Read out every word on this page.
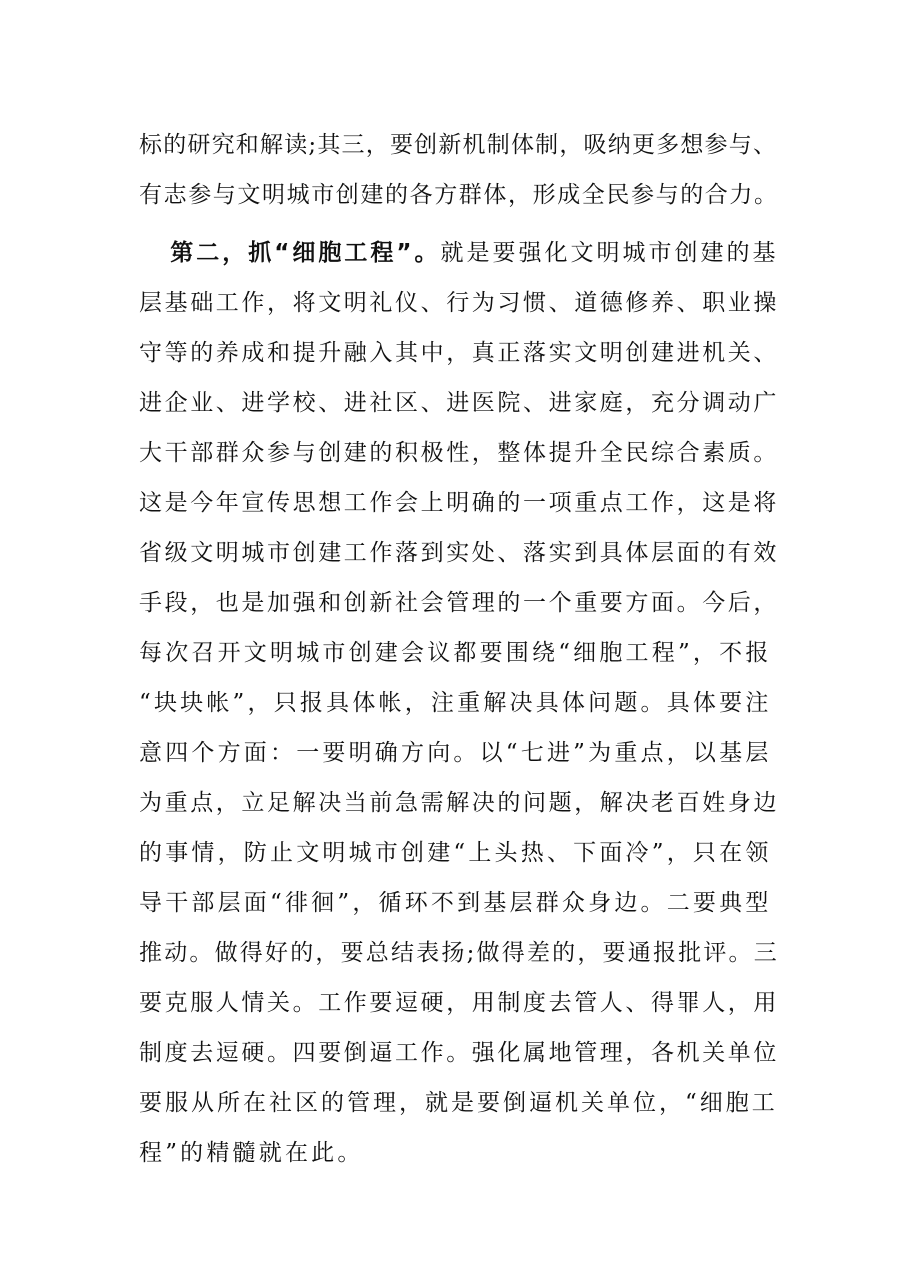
标的研究和解读;其三，要创新机制体制，吸纳更多想参与、
有志参与文明城市创建的各方群体，形成全民参与的合力。
　 第二，抓“细胞工程”。就是要强化文明城市创建的基
层基础工作，将文明礼仪、行为习惯、道德修养、职业操
守等的养成和提升融入其中，真正落实文明创建进机关、
进企业、进学校、进社区、进医院、进家庭，充分调动广
大干部群众参与创建的积极性，整体提升全民综合素质。
这是今年宣传思想工作会上明确的一项重点工作，这是将
省级文明城市创建工作落到实处、落实到具体层面的有效
手段，也是加强和创新社会管理的一个重要方面。今后，
每次召开文明城市创建会议都要围绕“细胞工程”，不报
“块块帐”，只报具体帐，注重解决具体问题。具体要注
意四个方面：一要明确方向。以“七进”为重点，以基层
为重点，立足解决当前急需解决的问题，解决老百姓身边
的事情，防止文明城市创建“上头热、下面冷”，只在领
导干部层面“徘徊”，循环不到基层群众身边。二要典型
推动。做得好的，要总结表扬;做得差的，要通报批评。三
要克服人情关。工作要逗硬，用制度去管人、得罪人，用
制度去逗硬。四要倒逼工作。强化属地管理，各机关单位
要服从所在社区的管理，就是要倒逼机关单位，“细胞工
程”的精髓就在此。
